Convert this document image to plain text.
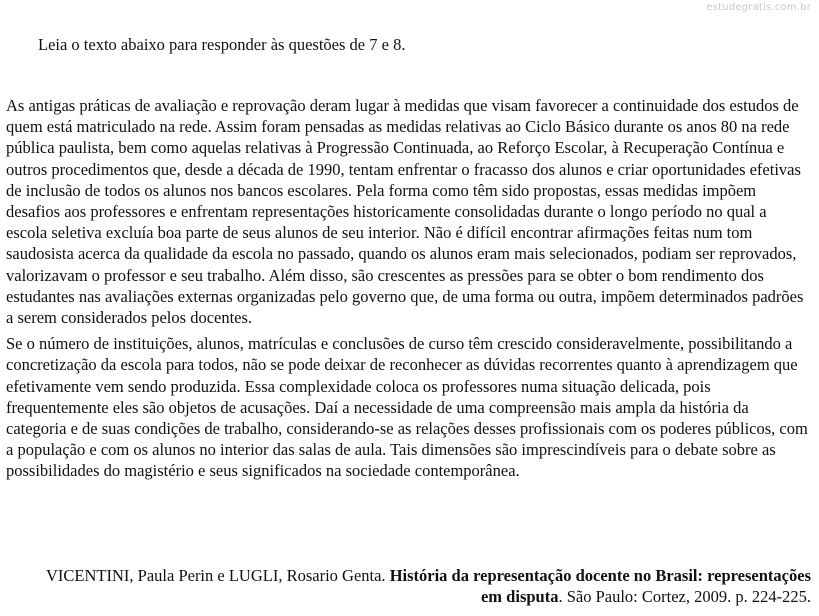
estudegratis.com.br
Leia o texto abaixo para responder às questões de 7 e 8.

As antigas práticas de avaliação e reprovação deram lugar à medidas que visam favorecer a continuidade dos estudos de quem está matriculado na rede. Assim foram pensadas as medidas relativas ao Ciclo Básico durante os anos 80 na rede pública paulista, bem como aquelas relativas à Progressão Continuada, ao Reforço Escolar, à Recuperação Contínua e outros procedimentos que, desde a década de 1990, tentam enfrentar o fracasso dos alunos e criar oportunidades efetivas de inclusão de todos os alunos nos bancos escolares. Pela forma como têm sido propostas, essas medidas impõem desafios aos professores e enfrentam representações historicamente consolidadas durante o longo período no qual a escola seletiva excluía boa parte de seus alunos de seu interior. Não é difícil encontrar afirmações feitas num tom saudosista acerca da qualidade da escola no passado, quando os alunos eram mais selecionados, podiam ser reprovados, valorizavam o professor e seu trabalho. Além disso, são crescentes as pressões para se obter o bom rendimento dos estudantes nas avaliações externas organizadas pelo governo que, de uma forma ou outra, impõem determinados padrões a serem considerados pelos docentes.

Se o número de instituições, alunos, matrículas e conclusões de curso têm crescido consideravelmente, possibilitando a concretização da escola para todos, não se pode deixar de reconhecer as dúvidas recorrentes quanto à aprendizagem que efetivamente vem sendo produzida. Essa complexidade coloca os professores numa situação delicada, pois frequentemente eles são objetos de acusações. Daí a necessidade de uma compreensão mais ampla da história da categoria e de suas condições de trabalho, considerando-se as relações desses profissionais com os poderes públicos, com a população e com os alunos no interior das salas de aula. Tais dimensões são imprescindíveis para o debate sobre as possibilidades do magistério e seus significados na sociedade contemporânea.

VICENTINI, Paula Perin e LUGLI, Rosario Genta. História da representação docente no Brasil: representações em disputa. São Paulo: Cortez, 2009. p. 224-225.
